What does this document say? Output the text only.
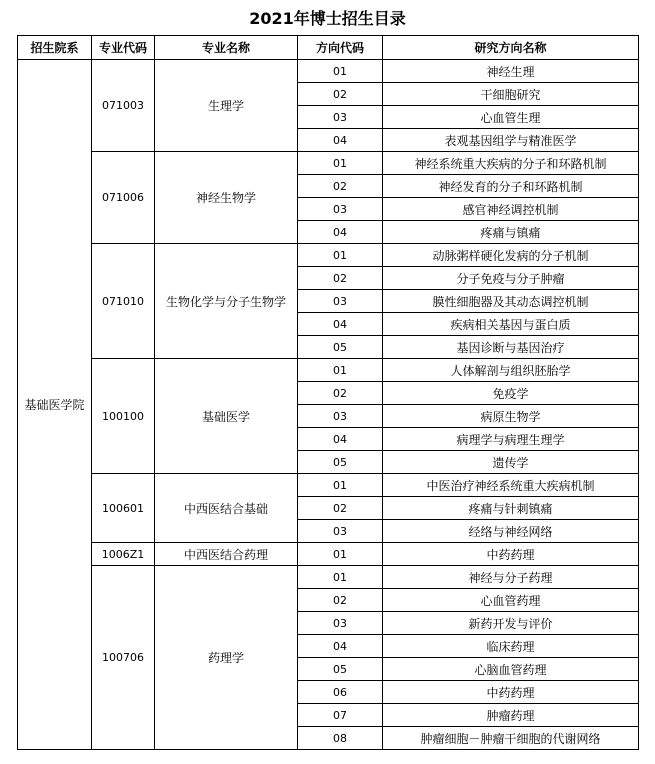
2021年博士招生目录
招生院系	专业代码	专业名称	方向代码	研究方向名称
基础医学院	071003	生理学	01	神经生理
			02	干细胞研究
			03	心血管生理
			04	表观基因组学与精准医学
	071006	神经生物学	01	神经系统重大疾病的分子和环路机制
			02	神经发育的分子和环路机制
			03	感官神经调控机制
			04	疼痛与镇痛
	071010	生物化学与分子生物学	01	动脉粥样硬化发病的分子机制
			02	分子免疫与分子肿瘤
			03	膜性细胞器及其动态调控机制
			04	疾病相关基因与蛋白质
			05	基因诊断与基因治疗
	100100	基础医学	01	人体解剖与组织胚胎学
			02	免疫学
			03	病原生物学
			04	病理学与病理生理学
			05	遗传学
	100601	中西医结合基础	01	中医治疗神经系统重大疾病机制
			02	疼痛与针刺镇痛
			03	经络与神经网络
	1006Z1	中西医结合药理	01	中药药理
	100706	药理学	01	神经与分子药理
			02	心血管药理
			03	新药开发与评价
			04	临床药理
			05	心脑血管药理
			06	中药药理
			07	肿瘤药理
			08	肿瘤细胞－肿瘤干细胞的代谢网络
